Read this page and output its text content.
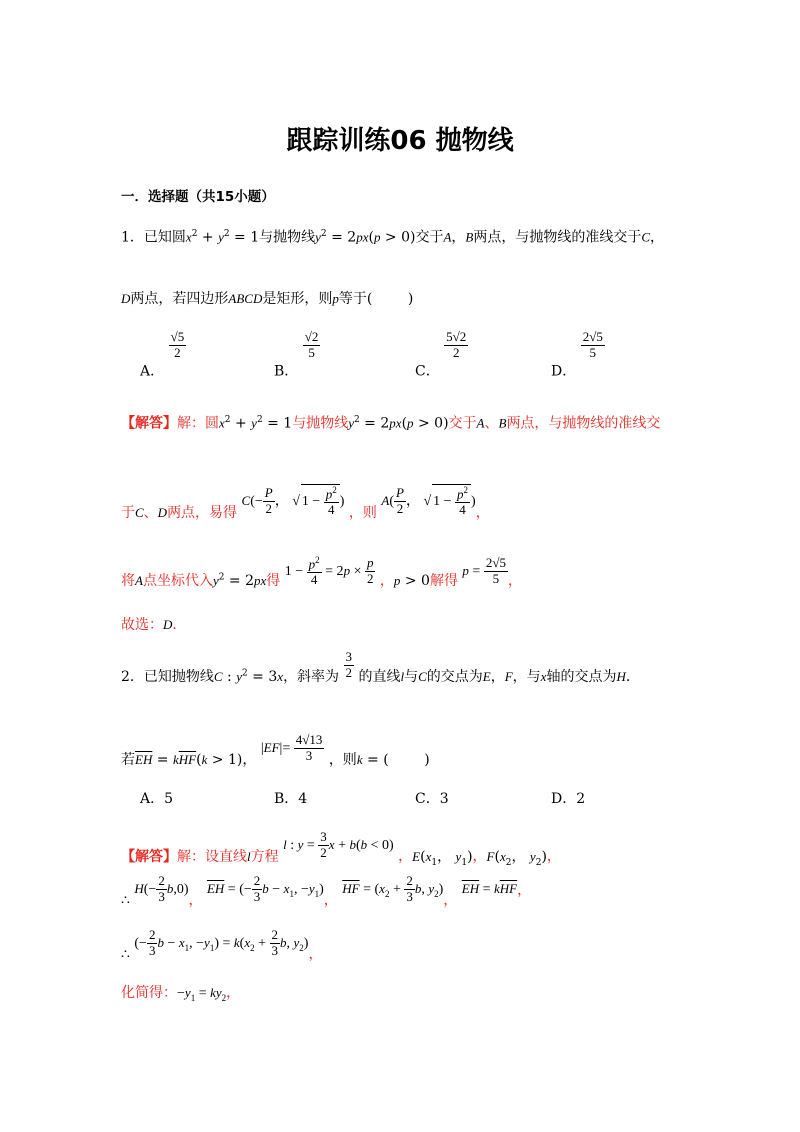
跟踪训练06 抛物线
一．选择题（共15小题）
1．已知圆$x^2 + y^2 = 1$与抛物线$y^2 = 2px(p > 0)$交于A，B两点，与抛物线的准线交于C，
D两点，若四边形ABCD是矩形，则p等于(        )
A．
$\frac{√5}{2}$
B．
$\frac{√2}{5}$
C．
$\frac{5√2}{2}$
D．
$\frac{2√5}{5}$
【解答】解：圆$x^2 + y^2 = 1$与抛物线$y^2 = 2px(p > 0)$交于A、B两点，与抛物线的准线交
于C、D两点，易得 $C(- \frac{P}{2}$ ， √ $1 - \frac{p^2}{4}$ ) ，则 $A( \frac{P}{2}$ ， √ $1 - \frac{p^2}{4}$ )，
将A点坐标代入$y^2 = 2px$得 $1 - \frac{p^2}{4} = 2p \times \frac{p}{2}$ ，p > 0解得 $p = \frac{2√5}{5}$ ，
故选：D．
2．已知抛物线C : $y^2 = 3x$，斜率为 $\frac{3}{2}$ 的直线l与C的交点为E，F，与x轴的交点为H．
若$\overline{EH} = k\overline{HF}(k > 1)$， $|EF|= \frac{4√13}{3}$ ，则k = (        )
A．5	B．4	C．3	D．2
【解答】解：设直线l方程 l : $y = \frac{3}{2}$ x + b(b < 0) ，$E(x_1$， $y_1$)，$F(x_2$， $y_2$)，
∴ $H(- \frac{2}{3} b,0)$， $\overline{EH}$ = (− $\frac{2}{3}$ $b - x_1$, $-y_1$)， $\overline{HF} = (x_2 + \frac{2}{3} b$, $y_2$)， $\overline{EH} = k\overline{HF}$，
∴ (− $\frac{2}{3}$ $b - x_1$, $-y_1) = k(x_2 + \frac{2}{3} b$, $y_2$)，
化简得：$-y_1 = ky_2$，
